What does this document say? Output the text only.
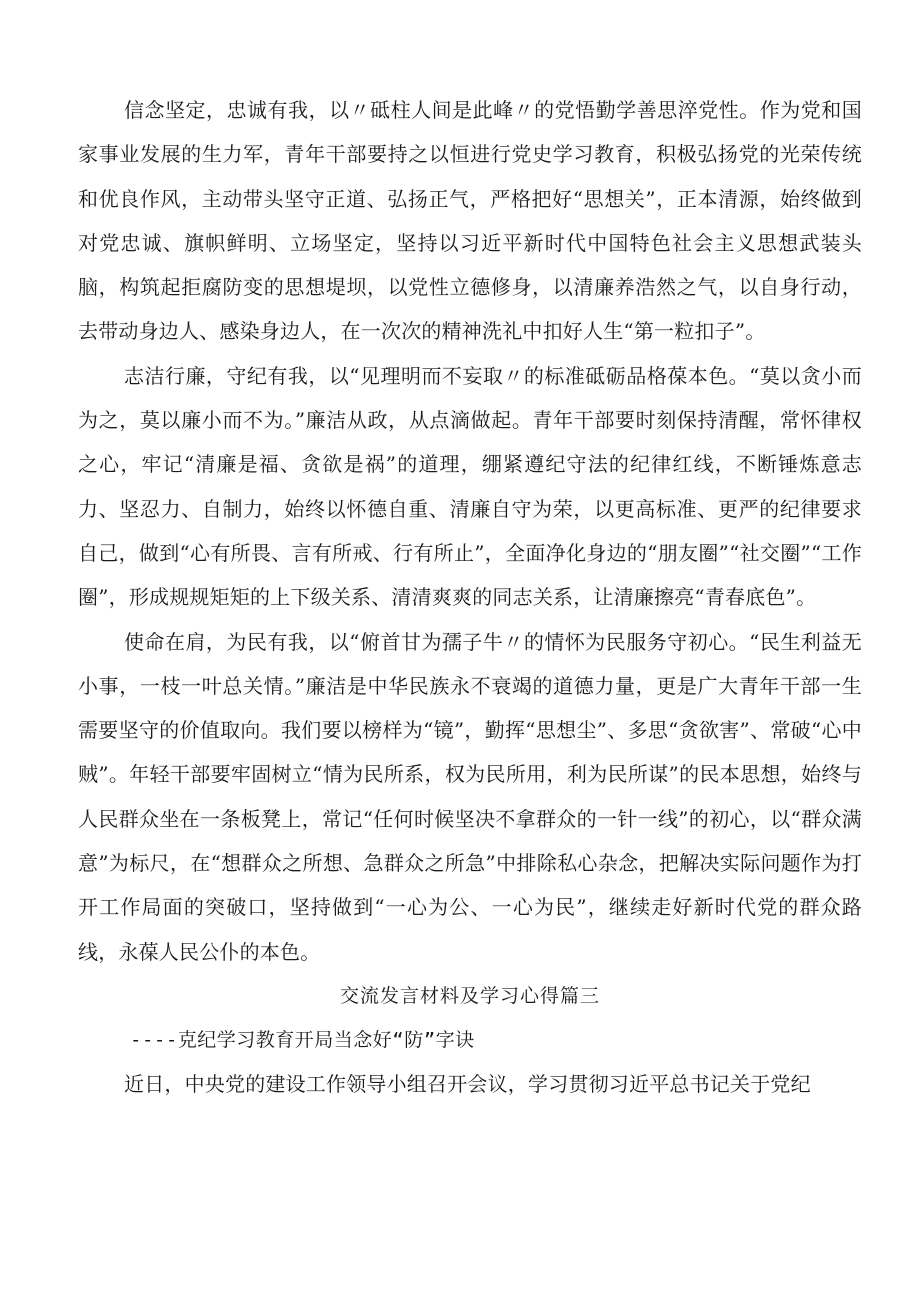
信念坚定，忠诚有我，以〃砥柱人间是此峰〃的党悟勤学善思淬党性。作为党和国家事业发展的生力军，青年干部要持之以恒进行党史学习教育，积极弘扬党的光荣传统和优良作风，主动带头坚守正道、弘扬正气，严格把好“思想关”，正本清源，始终做到对党忠诚、旗帜鲜明、立场坚定，坚持以习近平新时代中国特色社会主义思想武装头脑，构筑起拒腐防变的思想堤坝，以党性立德修身，以清廉养浩然之气，以自身行动，去带动身边人、感染身边人，在一次次的精神洗礼中扣好人生“第一粒扣子”。

志洁行廉，守纪有我，以“见理明而不妄取〃的标准砥砺品格葆本色。“莫以贪小而为之，莫以廉小而不为。”廉洁从政，从点滴做起。青年干部要时刻保持清醒，常怀律权之心，牢记“清廉是福、贪欲是祸”的道理，绷紧遵纪守法的纪律红线，不断锤炼意志力、坚忍力、自制力，始终以怀德自重、清廉自守为荣，以更高标准、更严的纪律要求自己，做到“心有所畏、言有所戒、行有所止”，全面净化身边的“朋友圈”“社交圈”“工作圈”，形成规规矩矩的上下级关系、清清爽爽的同志关系，让清廉擦亮“青春底色”。

使命在肩，为民有我，以“俯首甘为孺子牛〃的情怀为民服务守初心。“民生利益无小事，一枝一叶总关情。”廉洁是中华民族永不衰竭的道德力量，更是广大青年干部一生需要坚守的价值取向。我们要以榜样为“镜”，勤挥“思想尘”、多思“贪欲害”、常破“心中贼”。年轻干部要牢固树立“情为民所系，权为民所用，利为民所谋”的民本思想，始终与人民群众坐在一条板凳上，常记“任何时候坚决不拿群众的一针一线”的初心，以“群众满意”为标尺，在“想群众之所想、急群众之所急”中排除私心杂念，把解决实际问题作为打开工作局面的突破口，坚持做到“一心为公、一心为民”，继续走好新时代党的群众路线，永葆人民公仆的本色。

交流发言材料及学习心得篇三

----克纪学习教育开局当念好“防”字诀

近日，中央党的建设工作领导小组召开会议，学习贯彻习近平总书记关于党纪
